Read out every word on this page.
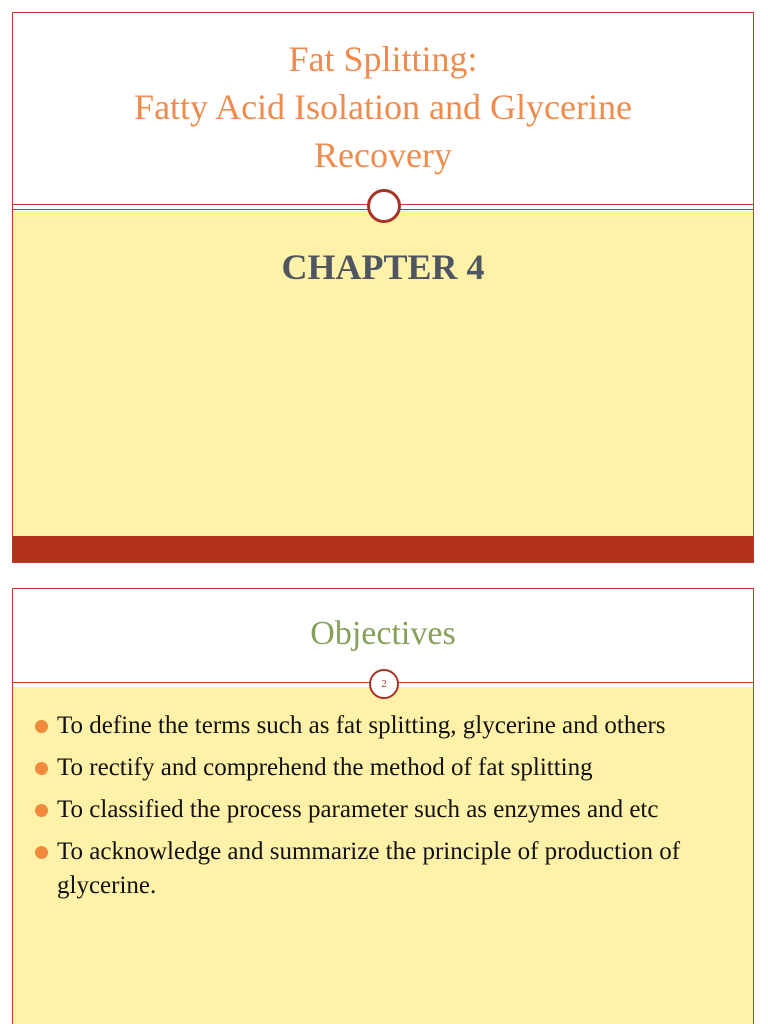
Fat Splitting:
Fatty Acid Isolation and Glycerine
Recovery
CHAPTER 4
Objectives
2
To define the terms such as fat splitting, glycerine and others
To rectify and comprehend the method of fat splitting
To classified the process parameter such as enzymes and etc
To acknowledge and summarize the principle of production of glycerine.
